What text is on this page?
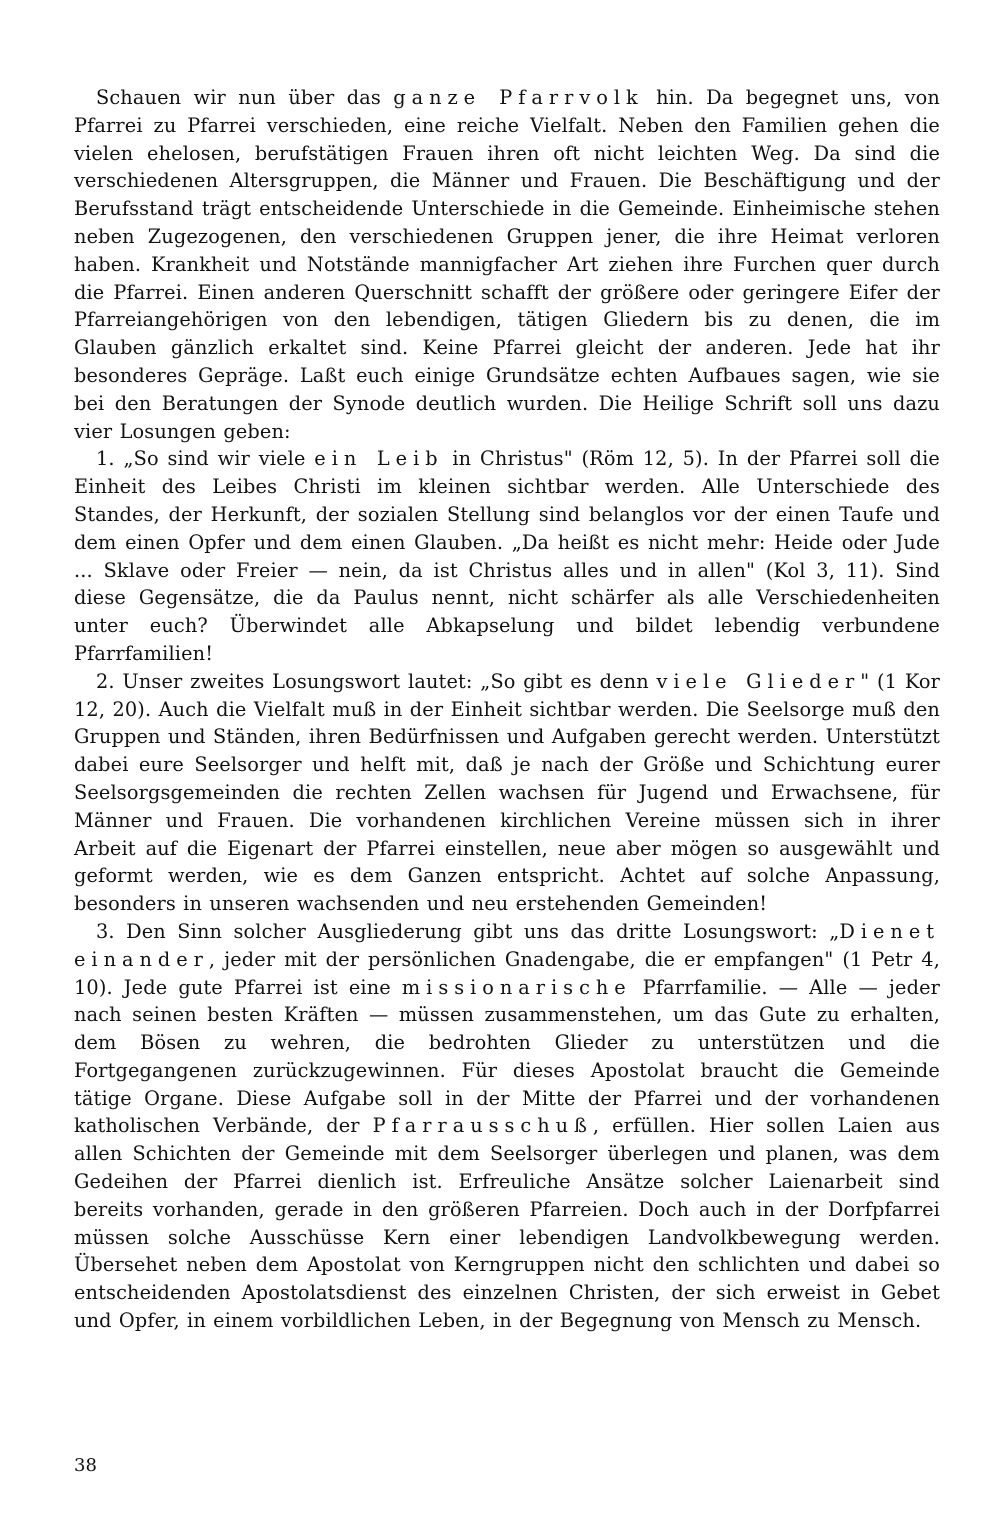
Schauen wir nun über das ganze Pfarrvolk hin. Da begegnet uns, von Pfarrei zu Pfarrei verschieden, eine reiche Vielfalt. Neben den Familien gehen die vielen ehelosen, berufstätigen Frauen ihren oft nicht leichten Weg. Da sind die verschiedenen Altersgruppen, die Männer und Frauen. Die Beschäftigung und der Berufsstand trägt entscheidende Unterschiede in die Gemeinde. Einheimische stehen neben Zugezogenen, den verschiedenen Gruppen jener, die ihre Heimat verloren haben. Krankheit und Notstände mannigfacher Art ziehen ihre Furchen quer durch die Pfarrei. Einen anderen Querschnitt schafft der größere oder geringere Eifer der Pfarreiangehörigen von den lebendigen, tätigen Gliedern bis zu denen, die im Glauben gänzlich erkaltet sind. Keine Pfarrei gleicht der anderen. Jede hat ihr besonderes Gepräge. Laßt euch einige Grundsätze echten Aufbaues sagen, wie sie bei den Beratungen der Synode deutlich wurden. Die Heilige Schrift soll uns dazu vier Losungen geben:

1. „So sind wir viele ein Leib in Christus" (Röm 12, 5). In der Pfarrei soll die Einheit des Leibes Christi im kleinen sichtbar werden. Alle Unterschiede des Standes, der Herkunft, der sozialen Stellung sind belanglos vor der einen Taufe und dem einen Opfer und dem einen Glauben. „Da heißt es nicht mehr: Heide oder Jude ... Sklave oder Freier — nein, da ist Christus alles und in allen" (Kol 3, 11). Sind diese Gegensätze, die da Paulus nennt, nicht schärfer als alle Verschiedenheiten unter euch? Überwindet alle Abkapselung und bildet lebendig verbundene Pfarrfamilien!

2. Unser zweites Losungswort lautet: „So gibt es denn viele Glieder" (1 Kor 12, 20). Auch die Vielfalt muß in der Einheit sichtbar werden. Die Seelsorge muß den Gruppen und Ständen, ihren Bedürfnissen und Aufgaben gerecht werden. Unterstützt dabei eure Seelsorger und helft mit, daß je nach der Größe und Schichtung eurer Seelsorgsgemeinden die rechten Zellen wachsen für Jugend und Erwachsene, für Männer und Frauen. Die vorhandenen kirchlichen Vereine müssen sich in ihrer Arbeit auf die Eigenart der Pfarrei einstellen, neue aber mögen so ausgewählt und geformt werden, wie es dem Ganzen entspricht. Achtet auf solche Anpassung, besonders in unseren wachsenden und neu erstehenden Gemeinden!

3. Den Sinn solcher Ausgliederung gibt uns das dritte Losungswort: „Dienet einander, jeder mit der persönlichen Gnadengabe, die er empfangen" (1 Petr 4, 10). Jede gute Pfarrei ist eine missionarische Pfarrfamilie. — Alle — jeder nach seinen besten Kräften — müssen zusammenstehen, um das Gute zu erhalten, dem Bösen zu wehren, die bedrohten Glieder zu unterstützen und die Fortgegangenen zurückzugewinnen. Für dieses Apostolat braucht die Gemeinde tätige Organe. Diese Aufgabe soll in der Mitte der Pfarrei und der vorhandenen katholischen Verbände, der Pfarrausschuß, erfüllen. Hier sollen Laien aus allen Schichten der Gemeinde mit dem Seelsorger überlegen und planen, was dem Gedeihen der Pfarrei dienlich ist. Erfreuliche Ansätze solcher Laienarbeit sind bereits vorhanden, gerade in den größeren Pfarreien. Doch auch in der Dorfpfarrei müssen solche Ausschüsse Kern einer lebendigen Landvolkbewegung werden. Übersehet neben dem Apostolat von Kerngruppen nicht den schlichten und dabei so entscheidenden Apostolatsdienst des einzelnen Christen, der sich erweist in Gebet und Opfer, in einem vorbildlichen Leben, in der Begegnung von Mensch zu Mensch.

38
